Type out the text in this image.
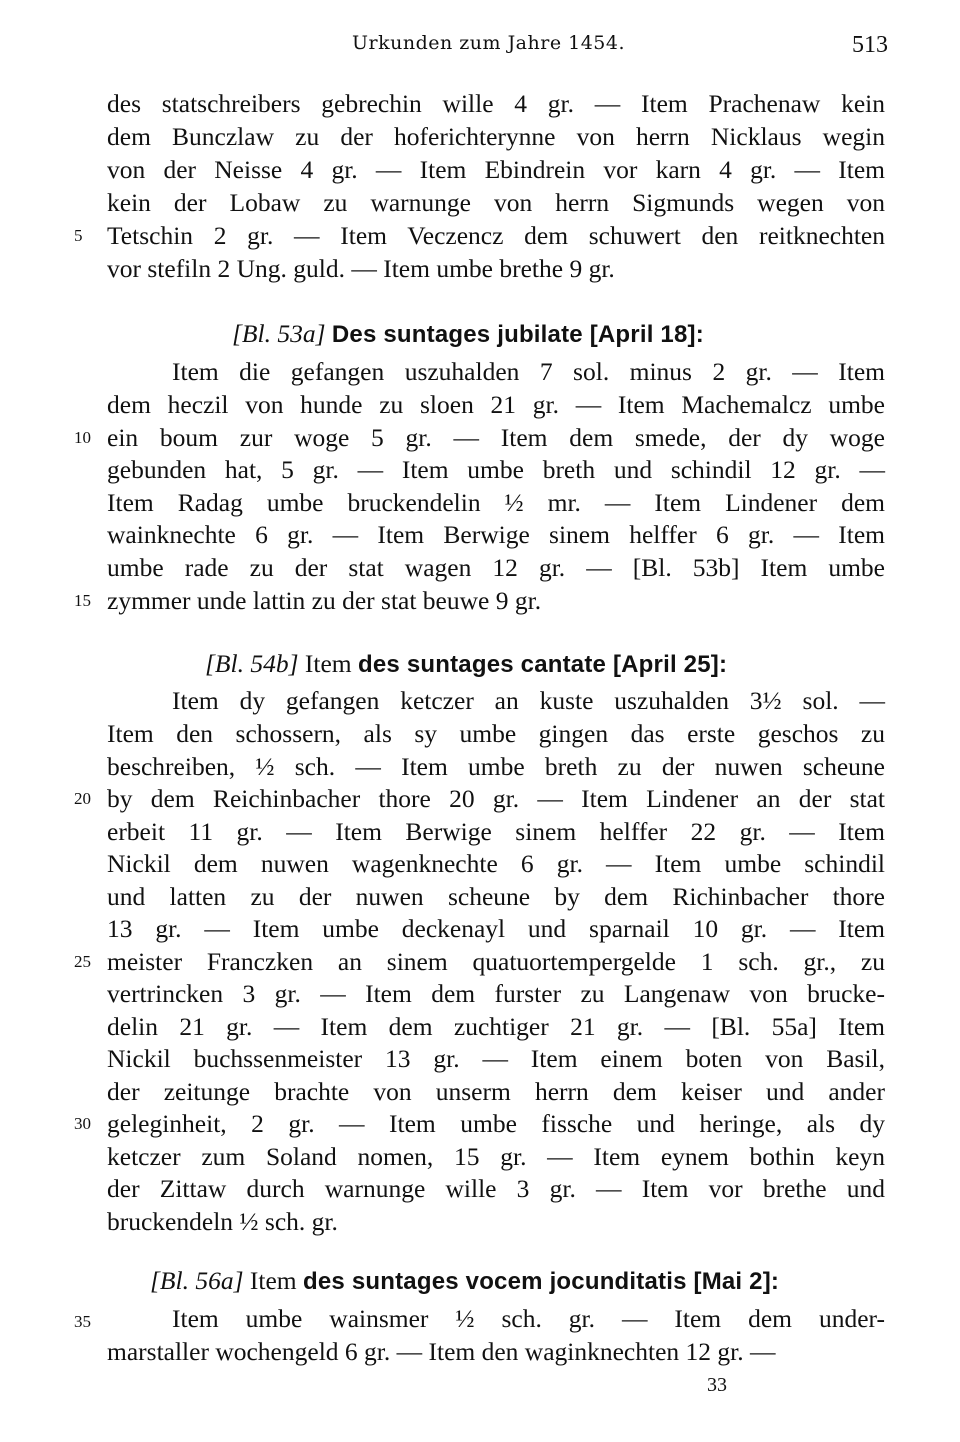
Urkunden zum Jahre 1454.	513
des statschreibers gebrechin wille 4 gr. — Item Prachenaw kein
dem Bunczlaw zu der hoferichterynne von herrn Nicklaus wegin
von der Neisse 4 gr. — Item Ebindrein vor karn 4 gr. — Item
kein der Lobaw zu warnunge von herrn Sigmunds wegen von
Tetschin 2 gr. — Item Veczencz dem schuwert den reitknechten
vor stefiln 2 Ung. guld. — Item umbe brethe 9 gr.
5
[Bl. 53a] Des suntages jubilate [April 18]:
Item die gefangen uszuhalden 7 sol. minus 2 gr. — Item
dem heczil von hunde zu sloen 21 gr. — Item Machemalcz umbe
ein boum zur woge 5 gr. — Item dem smede, der dy woge
gebunden hat, 5 gr. — Item umbe breth und schindil 12 gr. —
Item Radag umbe bruckendelin ½ mr. — Item Lindener dem
wainknechte 6 gr. — Item Berwige sinem helffer 6 gr. — Item
umbe rade zu der stat wagen 12 gr. — [Bl. 53b] Item umbe
zymmer unde lattin zu der stat beuwe 9 gr.
10
15
[Bl. 54b] Item des suntages cantate [April 25]:
Item dy gefangen ketczer an kuste uszuhalden 3½ sol. —
Item den schossern, als sy umbe gingen das erste geschos zu
beschreiben, ½ sch. — Item umbe breth zu der nuwen scheune
by dem Reichinbacher thore 20 gr. — Item Lindener an der stat
erbeit 11 gr. — Item Berwige sinem helffer 22 gr. — Item
Nickil dem nuwen wagenknechte 6 gr. — Item umbe schindil
und latten zu der nuwen scheune by dem Richinbacher thore
13 gr. — Item umbe deckenayl und sparnail 10 gr. — Item
meister Franczken an sinem quatuortempergelde 1 sch. gr., zu
vertrincken 3 gr. — Item dem furster zu Langenaw von brucke-
delin 21 gr. — Item dem zuchtiger 21 gr. — [Bl. 55a] Item
Nickil buchssenmeister 13 gr. — Item einem boten von Basil,
der zeitunge brachte von unserm herrn dem keiser und ander
geleginheit, 2 gr. — Item umbe fissche und heringe, als dy
ketczer zum Soland nomen, 15 gr. — Item eynem bothin keyn
der Zittaw durch warnunge wille 3 gr. — Item vor brethe und
bruckendeln ½ sch. gr.
20
25
30
[Bl. 56a] Item des suntages vocem jocunditatis [Mai 2]:
Item umbe wainsmer ½ sch. gr. — Item dem under-
marstaller wochengeld 6 gr. — Item den waginknechten 12 gr. —
35
33
